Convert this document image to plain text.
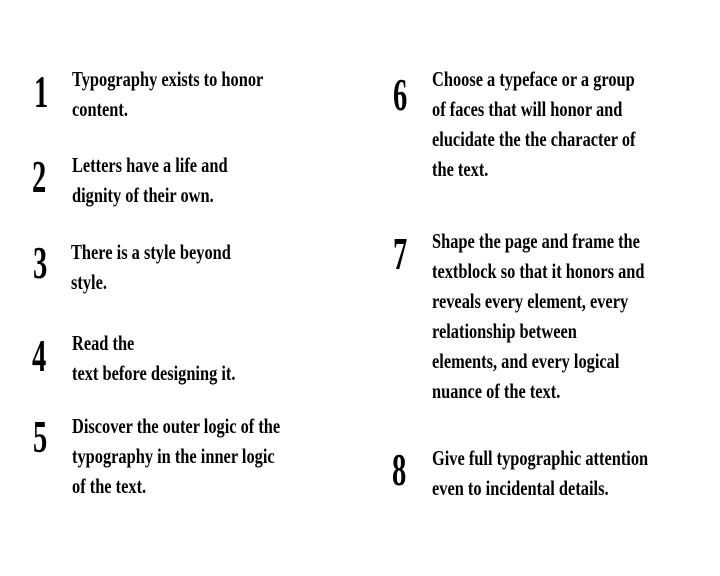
1 Typography exists to honor
content.
2 Letters have a life and
dignity of their own.
3 There is a style beyond
style.
4 Read the
text before designing it.
5 Discover the outer logic of the
typography in the inner logic
of the text.
6 Choose a typeface or a group
of faces that will honor and
elucidate the the character of
the text.
7 Shape the page and frame the
textblock so that it honors and
reveals every element, every
relationship between
elements, and every logical
nuance of the text.
8 Give full typographic attention
even to incidental details.
